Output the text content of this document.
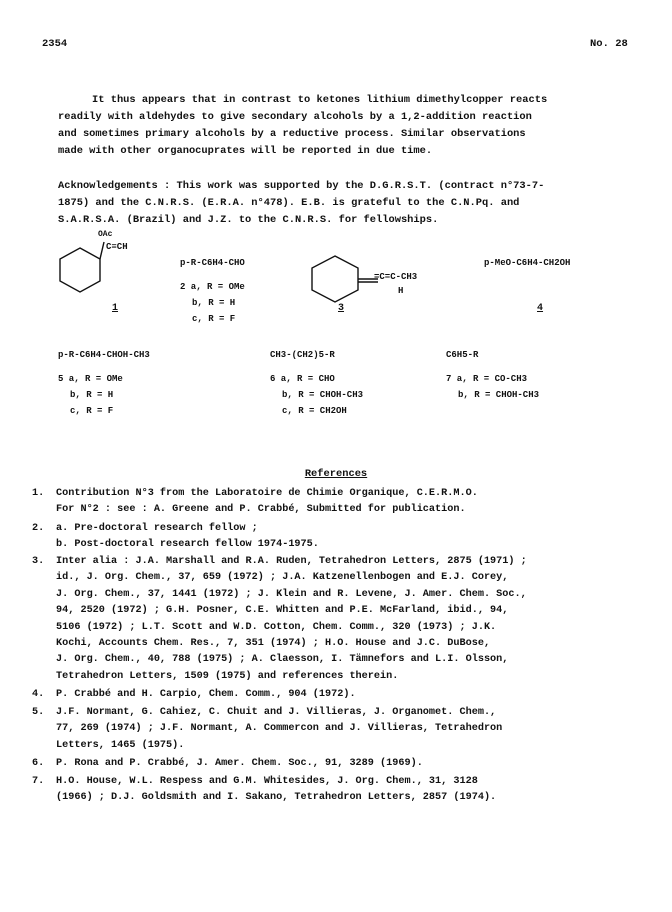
2354	No. 28

It thus appears that in contrast to ketones lithium dimethylcopper reacts

readily with aldehydes to give secondary alcohols by a 1,2-addition reaction

and sometimes primary alcohols by a reductive process. Similar observations

made with other organocuprates will be reported in due time.

Acknowledgements : This work was supported by the D.G.R.S.T. (contract n°73-7-

1875) and the C.N.R.S. (E.R.A. n°478). E.B. is grateful to the C.N.Pq. and

S.A.R.S.A. (Brazil) and J.Z. to the C.N.R.S. for fellowships.

OAc
C≡CH
1
p-R-C6H4-CHO
2 a, R = OMe
b, R = H
c, R = F
=C=C-CH3
H
3
p-MeO-C6H4-CH2OH
4
p-R-C6H4-CHOH-CH3
5 a, R = OMe
b, R = H
c, R = F
CH3-(CH2)5-R
6 a, R = CHO
b, R = CHOH-CH3
c, R = CH2OH
C6H5-R
7 a, R = CO-CH3
b, R = CHOH-CH3
References
1.	Contribution N°3 from the Laboratoire de Chimie Organique, C.E.R.M.O.
For N°2 : see : A. Greene and P. Crabbé, Submitted for publication.
2.	a. Pre-doctoral research fellow ;
b. Post-doctoral research fellow 1974-1975.
3.	Inter alia : J.A. Marshall and R.A. Ruden, Tetrahedron Letters, 2875 (1971) ;
id., J. Org. Chem., 37, 659 (1972) ; J.A. Katzenellenbogen and E.J. Corey,
J. Org. Chem., 37, 1441 (1972) ; J. Klein and R. Levene, J. Amer. Chem. Soc.,
94, 2520 (1972) ; G.H. Posner, C.E. Whitten and P.E. McFarland, ibid., 94,
5106 (1972) ; L.T. Scott and W.D. Cotton, Chem. Comm., 320 (1973) ; J.K.
Kochi, Accounts Chem. Res., 7, 351 (1974) ; H.O. House and J.C. DuBose,
J. Org. Chem., 40, 788 (1975) ; A. Claesson, I. Tämnefors and L.I. Olsson,
Tetrahedron Letters, 1509 (1975) and references therein.
4.	P. Crabbé and H. Carpio, Chem. Comm., 904 (1972).
5.	J.F. Normant, G. Cahiez, C. Chuit and J. Villieras, J. Organomet. Chem.,
77, 269 (1974) ; J.F. Normant, A. Commercon and J. Villieras, Tetrahedron
Letters, 1465 (1975).
6.	P. Rona and P. Crabbé, J. Amer. Chem. Soc., 91, 3289 (1969).
7.	H.O. House, W.L. Respess and G.M. Whitesides, J. Org. Chem., 31, 3128
(1966) ; D.J. Goldsmith and I. Sakano, Tetrahedron Letters, 2857 (1974).
